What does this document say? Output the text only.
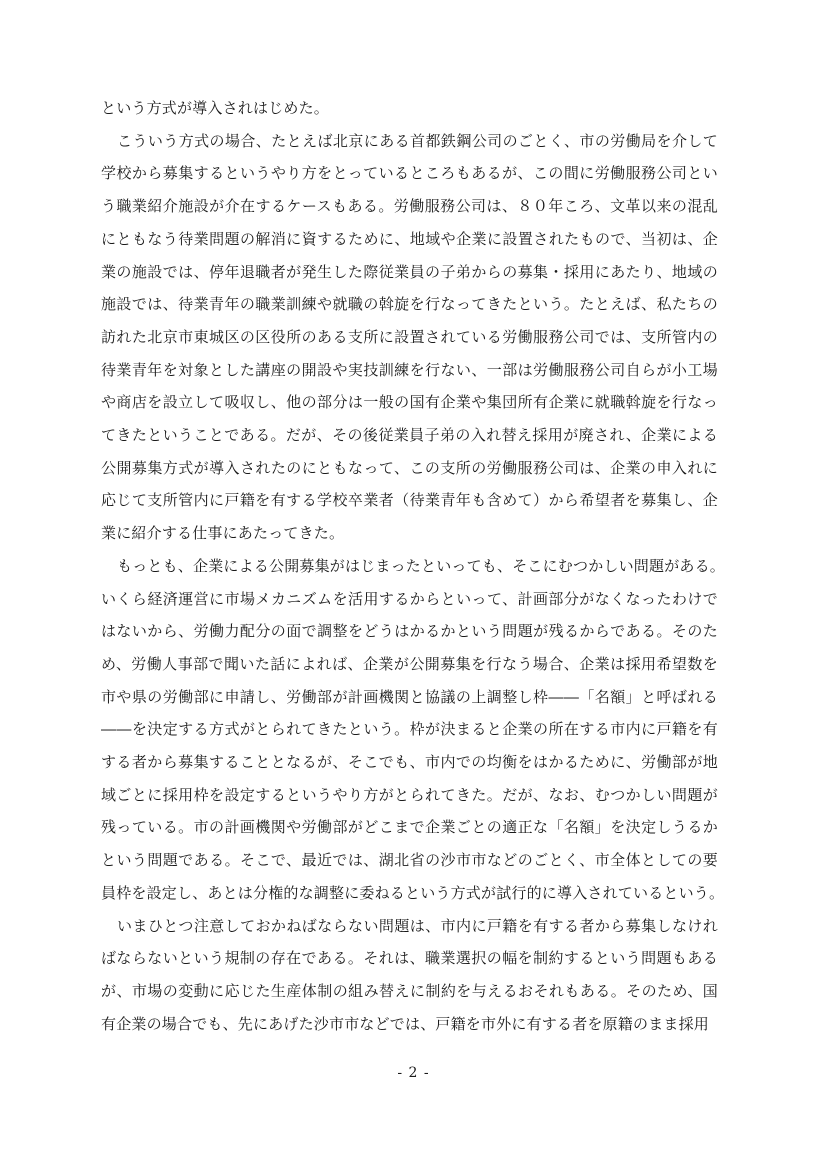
という方式が導入されはじめた。
こういう方式の場合、たとえば北京にある首都鉄鋼公司のごとく、市の労働局を介して
学校から募集するというやり方をとっているところもあるが、この間に労働服務公司とい
う職業紹介施設が介在するケースもある。労働服務公司は、８０年ころ、文革以来の混乱
にともなう待業問題の解消に資するために、地域や企業に設置されたもので、当初は、企
業の施設では、停年退職者が発生した際従業員の子弟からの募集・採用にあたり、地域の
施設では、待業青年の職業訓練や就職の斡旋を行なってきたという。たとえば、私たちの
訪れた北京市東城区の区役所のある支所に設置されている労働服務公司では、支所管内の
待業青年を対象とした講座の開設や実技訓練を行ない、一部は労働服務公司自らが小工場
や商店を設立して吸収し、他の部分は一般の国有企業や集団所有企業に就職斡旋を行なっ
てきたということである。だが、その後従業員子弟の入れ替え採用が廃され、企業による
公開募集方式が導入されたのにともなって、この支所の労働服務公司は、企業の申入れに
応じて支所管内に戸籍を有する学校卒業者（待業青年も含めて）から希望者を募集し、企
業に紹介する仕事にあたってきた。
もっとも、企業による公開募集がはじまったといっても、そこにむつかしい問題がある。
いくら経済運営に市場メカニズムを活用するからといって、計画部分がなくなったわけで
はないから、労働力配分の面で調整をどうはかるかという問題が残るからである。そのた
め、労働人事部で聞いた話によれば、企業が公開募集を行なう場合、企業は採用希望数を
市や県の労働部に申請し、労働部が計画機関と協議の上調整し枠――「名額」と呼ばれる
――を決定する方式がとられてきたという。枠が決まると企業の所在する市内に戸籍を有
する者から募集することとなるが、そこでも、市内での均衡をはかるために、労働部が地
域ごとに採用枠を設定するというやり方がとられてきた。だが、なお、むつかしい問題が
残っている。市の計画機関や労働部がどこまで企業ごとの適正な「名額」を決定しうるか
という問題である。そこで、最近では、湖北省の沙市市などのごとく、市全体としての要
員枠を設定し、あとは分権的な調整に委ねるという方式が試行的に導入されているという。
いまひとつ注意しておかねばならない問題は、市内に戸籍を有する者から募集しなけれ
ばならないという規制の存在である。それは、職業選択の幅を制約するという問題もある
が、市場の変動に応じた生産体制の組み替えに制約を与えるおそれもある。そのため、国
有企業の場合でも、先にあげた沙市市などでは、戸籍を市外に有する者を原籍のまま採用
- 2 -
